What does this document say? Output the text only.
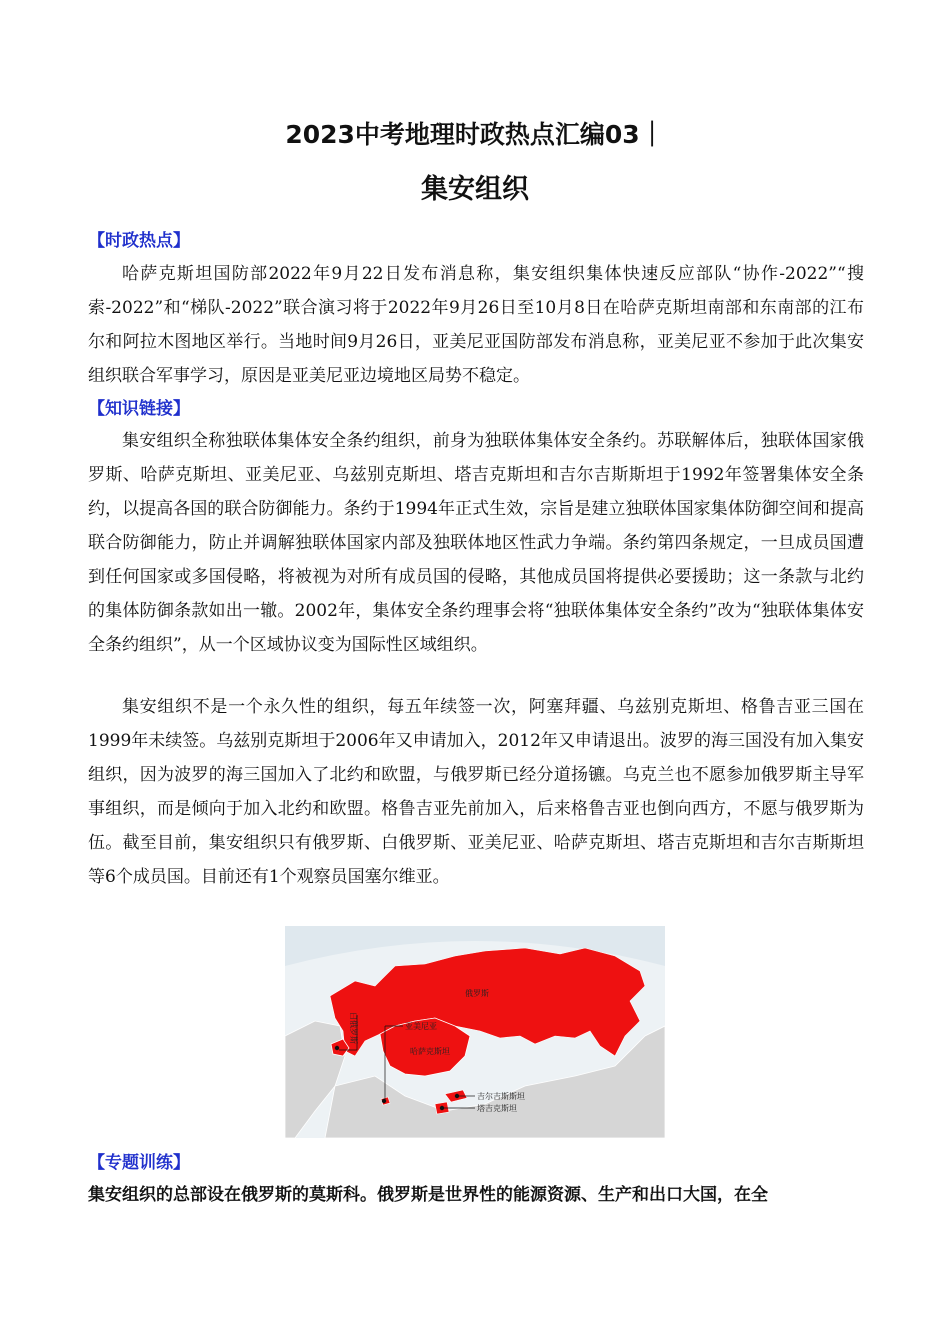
2023中考地理时政热点汇编03｜
集安组织
【时政热点】
哈萨克斯坦国防部2022年9月22日发布消息称，集安组织集体快速反应部队“协作-2022”“搜索-2022”和“梯队-2022”联合演习将于2022年9月26日至10月8日在哈萨克斯坦南部和东南部的江布尔和阿拉木图地区举行。当地时间9月26日，亚美尼亚国防部发布消息称，亚美尼亚不参加于此次集安组织联合军事学习，原因是亚美尼亚边境地区局势不稳定。
【知识链接】
集安组织全称独联体集体安全条约组织，前身为独联体集体安全条约。苏联解体后，独联体国家俄罗斯、哈萨克斯坦、亚美尼亚、乌兹别克斯坦、塔吉克斯坦和吉尔吉斯斯坦于1992年签署集体安全条约，以提高各国的联合防御能力。条约于1994年正式生效，宗旨是建立独联体国家集体防御空间和提高联合防御能力，防止并调解独联体国家内部及独联体地区性武力争端。条约第四条规定，一旦成员国遭到任何国家或多国侵略，将被视为对所有成员国的侵略，其他成员国将提供必要援助；这一条款与北约的集体防御条款如出一辙。2002年，集体安全条约理事会将“独联体集体安全条约”改为“独联体集体安全条约组织”，从一个区域协议变为国际性区域组织。
集安组织不是一个永久性的组织，每五年续签一次，阿塞拜疆、乌兹别克斯坦、格鲁吉亚三国在1999年未续签。乌兹别克斯坦于2006年又申请加入，2012年又申请退出。波罗的海三国没有加入集安组织，因为波罗的海三国加入了北约和欧盟，与俄罗斯已经分道扬镳。乌克兰也不愿参加俄罗斯主导军事组织，而是倾向于加入北约和欧盟。格鲁吉亚先前加入，后来格鲁吉亚也倒向西方，不愿与俄罗斯为伍。截至目前，集安组织只有俄罗斯、白俄罗斯、亚美尼亚、哈萨克斯坦、塔吉克斯坦和吉尔吉斯斯坦等6个成员国。目前还有1个观察员国塞尔维亚。
俄罗斯
白俄罗斯	亚美尼亚
哈萨克斯坦
吉尔吉斯斯坦
塔吉克斯坦
【专题训练】
集安组织的总部设在俄罗斯的莫斯科。俄罗斯是世界性的能源资源、生产和出口大国，在全
